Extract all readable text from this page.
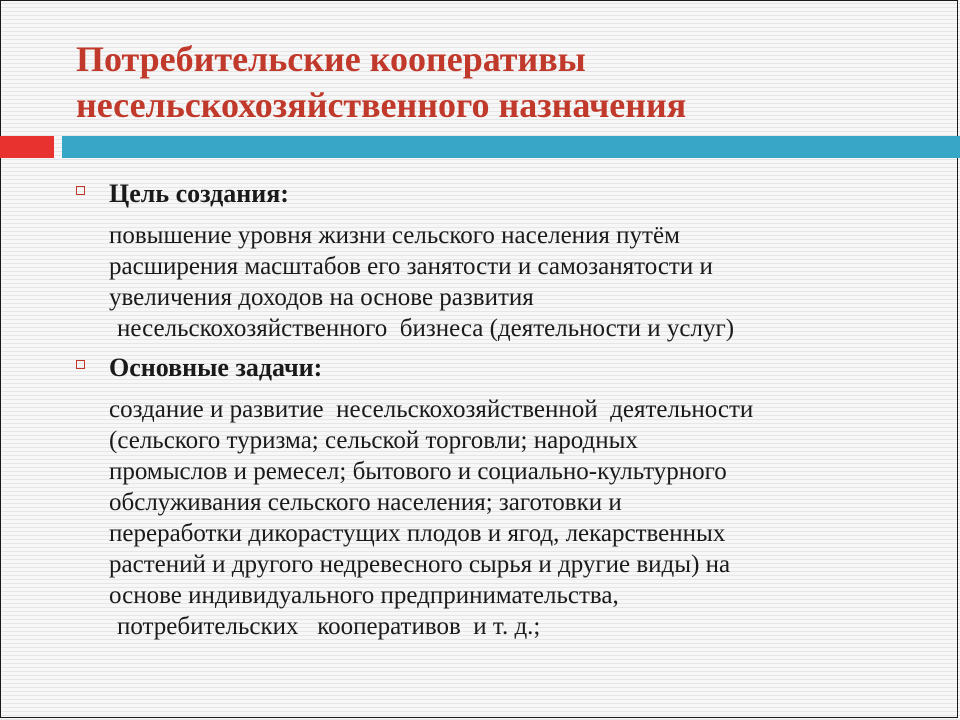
Потребительские кооперативы
несельскохозяйственного назначения
Цель создания:

повышение уровня жизни сельского населения путём
расширения масштабов его занятости и самозанятости и
увеличения доходов на основе развития
несельскохозяйственного  бизнеса (деятельности и услуг)

Основные задачи:

создание и развитие  несельскохозяйственной  деятельности
(сельского туризма; сельской торговли; народных
промыслов и ремесел; бытового и социально-культурного
обслуживания сельского населения; заготовки и
переработки дикорастущих плодов и ягод, лекарственных
растений и другого недревесного сырья и другие виды) на
основе индивидуального предпринимательства,
потребительских   кооперативов  и т. д.;
